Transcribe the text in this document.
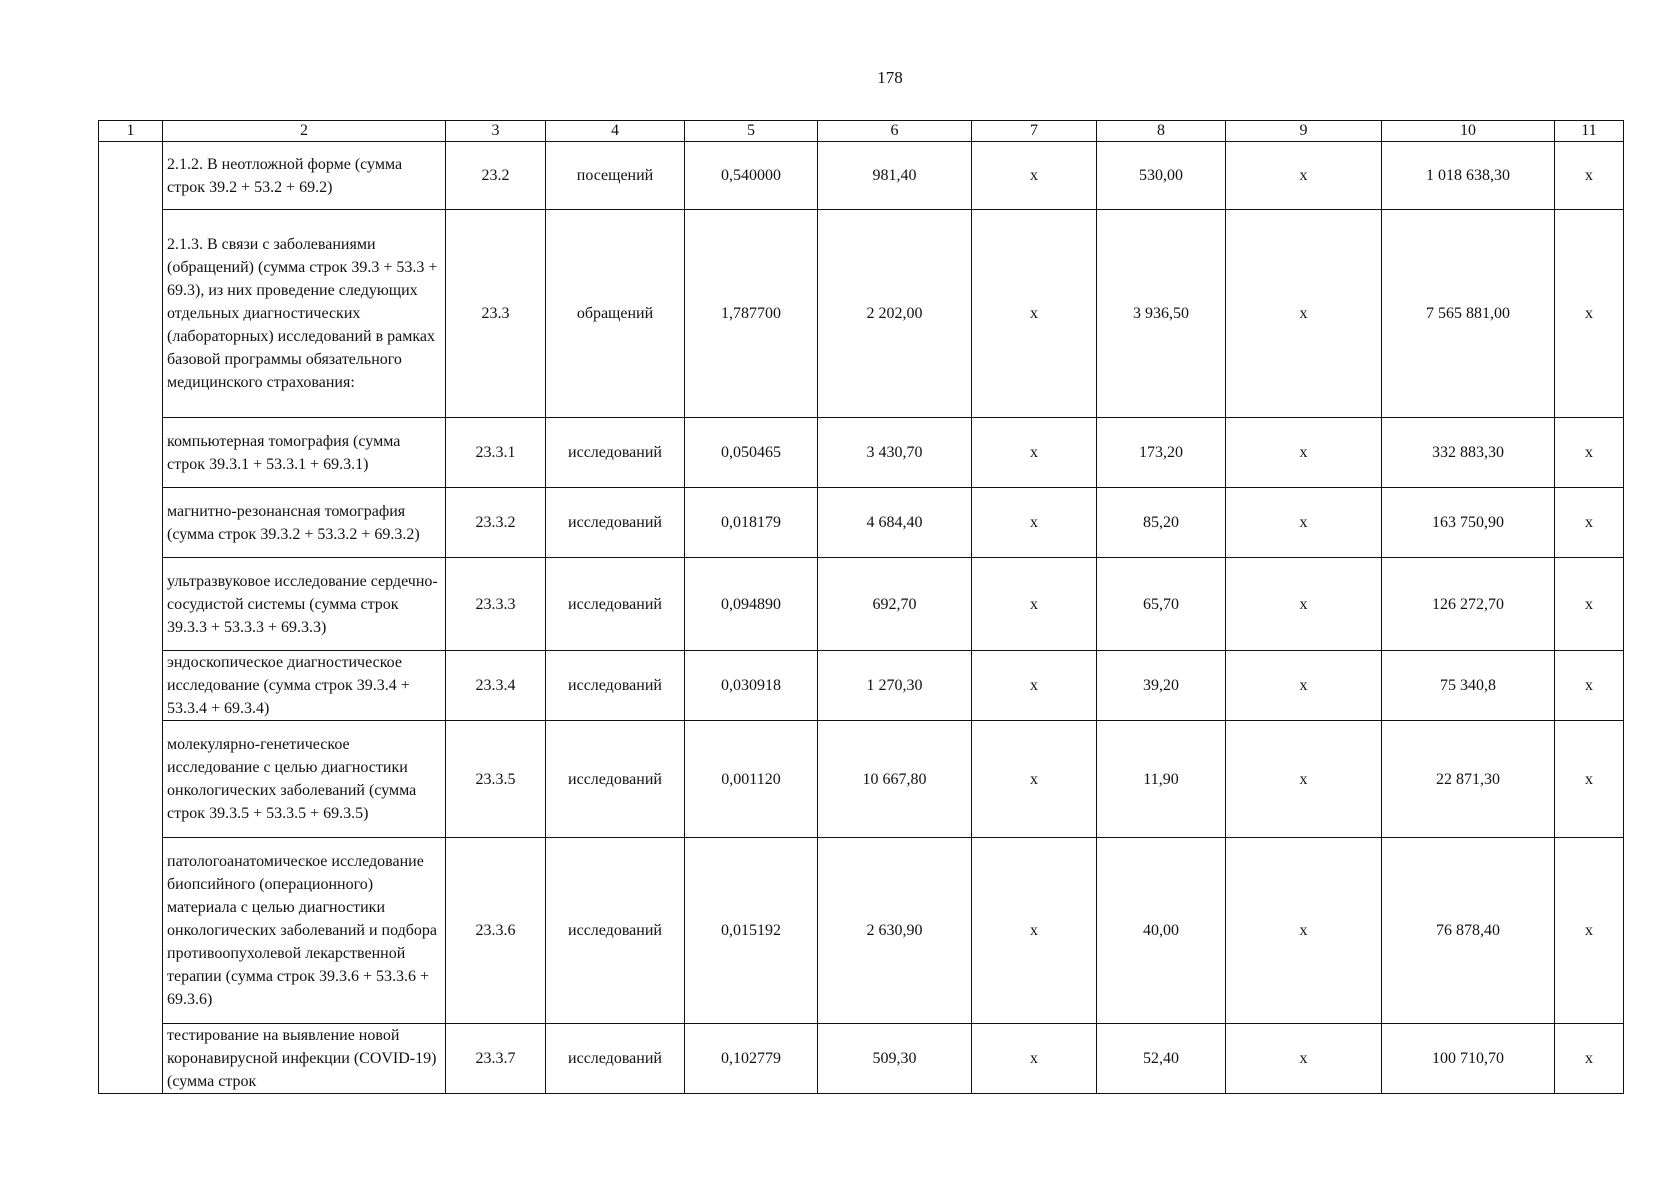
178
1	2	3	4	5	6	7	8	9	10	11
	2.1.2. В неотложной форме (сумма строк 39.2 + 53.2 + 69.2)	23.2	посещений	0,540000	981,40	х	530,00	х	1 018 638,30	х
	2.1.3. В связи с заболеваниями (обращений) (сумма строк 39.3 + 53.3 + 69.3), из них проведение следующих отдельных диагностических (лабораторных) исследований в рамках базовой программы обязательного медицинского страхования:	23.3	обращений	1,787700	2 202,00	х	3 936,50	х	7 565 881,00	х
	компьютерная томография (сумма строк 39.3.1 + 53.3.1 + 69.3.1)	23.3.1	исследований	0,050465	3 430,70	х	173,20	х	332 883,30	х
	магнитно-резонансная томография (сумма строк 39.3.2 + 53.3.2 + 69.3.2)	23.3.2	исследований	0,018179	4 684,40	х	85,20	х	163 750,90	х
	ультразвуковое исследование сердечно-сосудистой системы (сумма строк 39.3.3 + 53.3.3 + 69.3.3)	23.3.3	исследований	0,094890	692,70	х	65,70	х	126 272,70	х
	эндоскопическое диагностическое исследование (сумма строк 39.3.4 + 53.3.4 + 69.3.4)	23.3.4	исследований	0,030918	1 270,30	х	39,20	х	75 340,8	х
	молекулярно-генетическое исследование с целью диагностики онкологических заболеваний (сумма строк 39.3.5 + 53.3.5 + 69.3.5)	23.3.5	исследований	0,001120	10 667,80	х	11,90	х	22 871,30	х
	патологоанатомическое исследование биопсийного (операционного) материала с целью диагностики онкологических заболеваний и подбора противоопухолевой лекарственной терапии (сумма строк 39.3.6 + 53.3.6 + 69.3.6)	23.3.6	исследований	0,015192	2 630,90	х	40,00	х	76 878,40	х
	тестирование на выявление новой коронавирусной инфекции (COVID-19) (сумма строк	23.3.7	исследований	0,102779	509,30	х	52,40	х	100 710,70	х
